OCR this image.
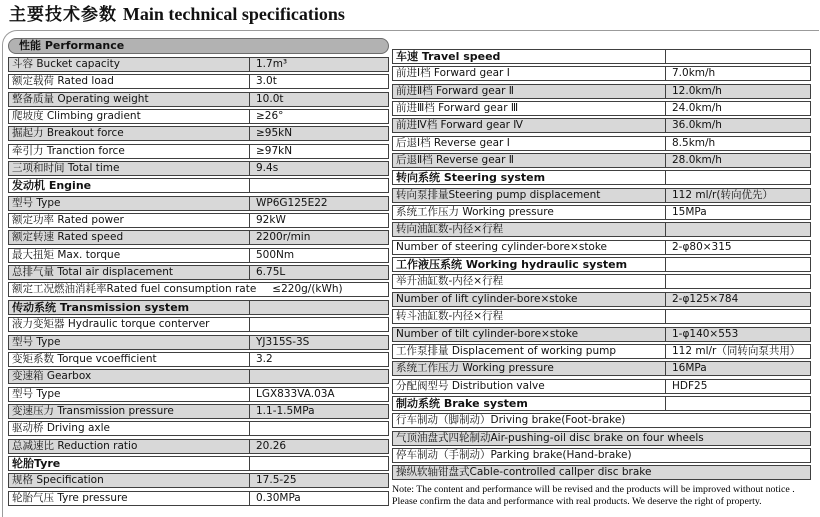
主要技术参数 Main technical specifications
性能 Performance
斗容 Bucket capacity	1.7m³
额定载荷 Rated load	3.0t
整备质量 Operating weight	10.0t
爬坡度 Climbing gradient	≥26°
掘起力 Breakout force	≥95kN
牵引力 Tranction force	≥97kN
三项和时间 Total time	9.4s
发动机 Engine
型号 Type	WP6G125E22
额定功率 Rated power	92kW
额定转速 Rated speed	2200r/min
最大扭矩 Max. torque	500Nm
总排气量 Total air displacement	6.75L
额定工况燃油消耗率Rated fuel consumption rate ≤220g/(kWh)
传动系统 Transmission system
液力变矩器 Hydraulic torque conterver
型号 Type	YJ315S-3S
变矩系数 Torque vcoefficient	3.2
变速箱 Gearbox
型号 Type	LGX833VA.03A
变速压力 Transmission pressure	1.1-1.5MPa
驱动桥 Driving axle
总减速比 Reduction ratio	20.26
轮胎Tyre
规格 Specification	17.5-25
轮胎气压 Tyre pressure	0.30MPa
车速 Travel speed
前进Ⅰ档 Forward gear Ⅰ	7.0km/h
前进Ⅱ档 Forward gear Ⅱ	12.0km/h
前进Ⅲ档 Forward gear Ⅲ	24.0km/h
前进Ⅳ档 Forward gear Ⅳ	36.0km/h
后退Ⅰ档 Reverse gear Ⅰ	8.5km/h
后退Ⅱ档 Reverse gear Ⅱ	28.0km/h
转向系统 Steering system
转向泵排量Steering pump displacement	112 ml/r(转向优先）
系统工作压力 Working pressure	15MPa
转向油缸数-内径×行程
Number of steering cylinder-bore×stoke	2-φ80×315
工作液压系统 Working hydraulic system
举升油缸数-内径×行程
Number of lift cylinder-bore×stoke	2-φ125×784
转斗油缸数-内径×行程
Number of tilt cylinder-bore×stoke	1-φ140×553
工作泵排量 Displacement of working pump	112 ml/r（同转向泵共用）
系统工作压力 Working pressure	16MPa
分配阀型号 Distribution valve	HDF25
制动系统 Brake system
行车制动（脚制动）Driving brake(Foot-brake)
气顶油盘式四轮制动Air-pushing-oil disc brake on four wheels
停车制动（手制动）Parking brake(Hand-brake)
操纵软轴钳盘式Cable-controlled callper disc brake
Note: The content and performance will be revised and the products will be improved without notice .
Please confirm the data and performance with real products. We deserve the right of property.
